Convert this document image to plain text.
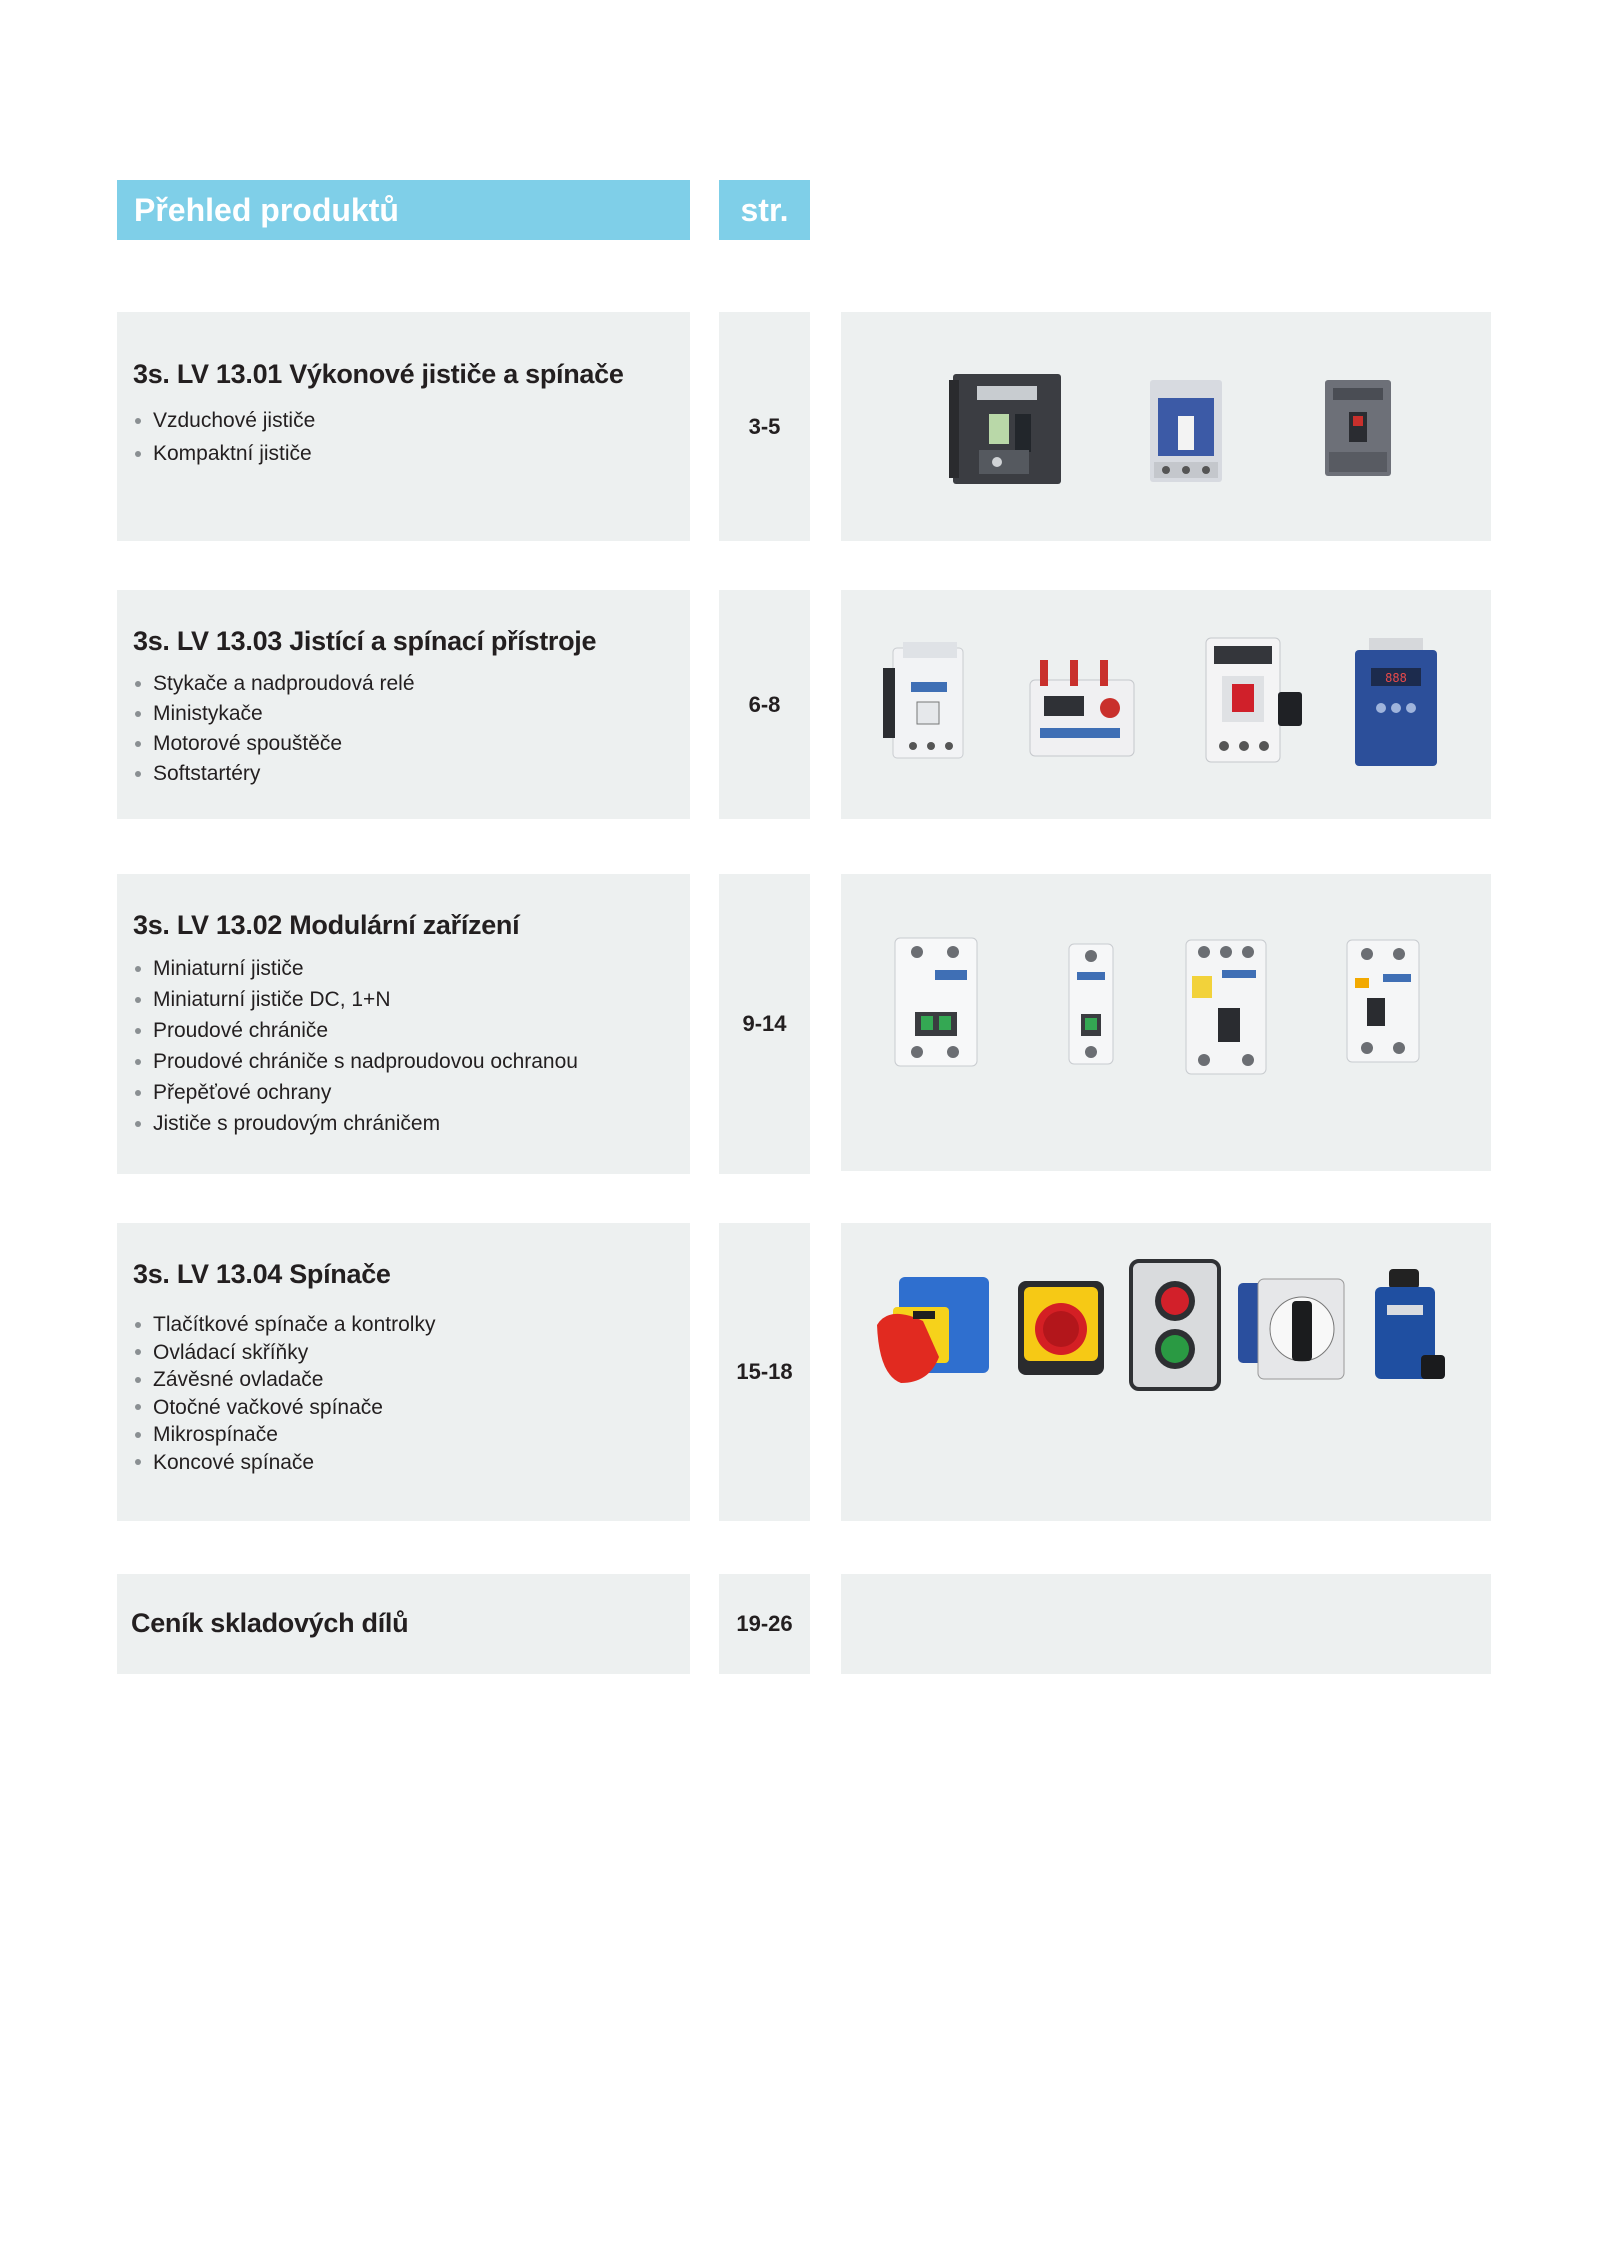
Přehled produktů	str.
3s. LV 13.01 Výkonové jističe a spínače
Vzduchové jističe
Kompaktní jističe
3-5
3s. LV 13.03 Jistící a spínací přístroje
Stykače a nadproudová relé
Ministykače
Motorové spouštěče
Softstartéry
6-8
888
3s. LV 13.02 Modulární zařízení
Miniaturní jističe
Miniaturní jističe DC, 1+N
Proudové chrániče
Proudové chrániče s nadproudovou ochranou
Přepěťové ochrany
Jističe s proudovým chráničem
9-14
3s. LV 13.04 Spínače
Tlačítkové spínače a kontrolky
Ovládací skříňky
Závěsné ovladače
Otočné vačkové spínače
Mikrospínače
Koncové spínače
15-18
Ceník skladových dílů	19-26
